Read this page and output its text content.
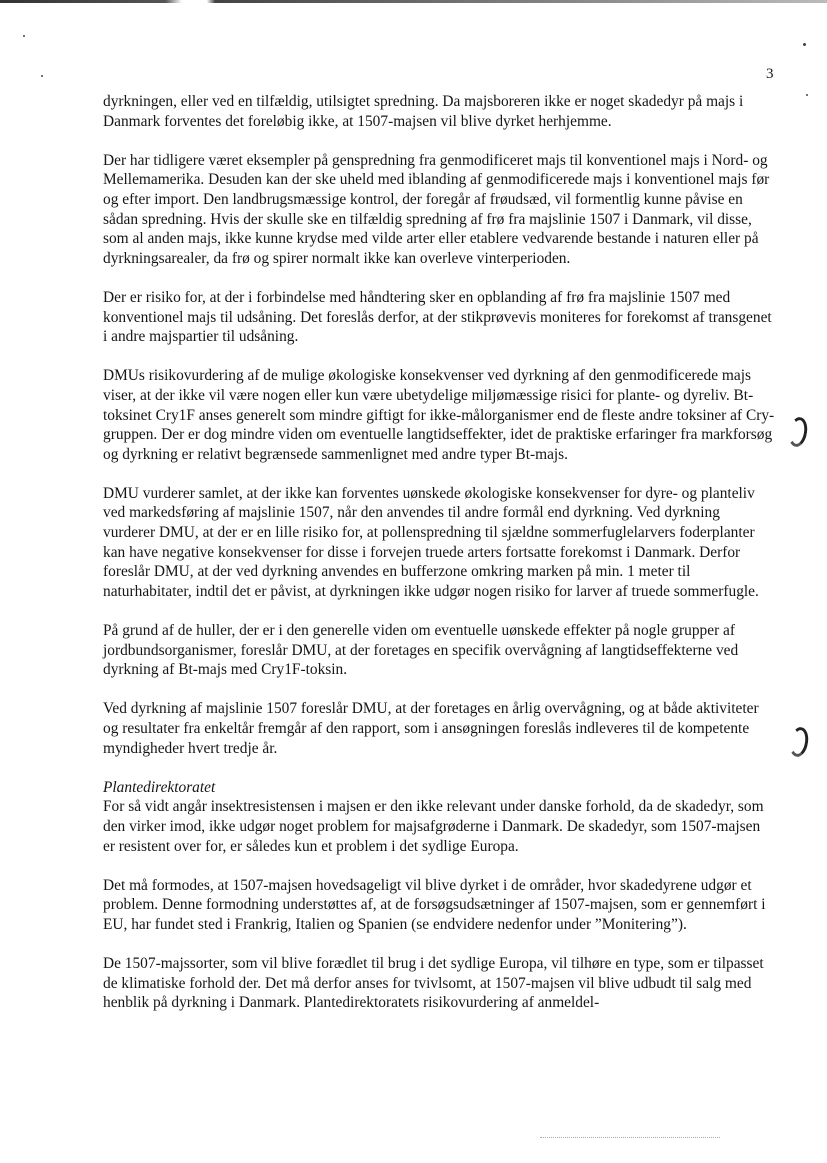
3

dyrkningen, eller ved en tilfældig, utilsigtet spredning. Da majsboreren ikke er noget skadedyr på majs i Danmark forventes det foreløbig ikke, at 1507-majsen vil blive dyrket herhjemme.

Der har tidligere været eksempler på genspredning fra genmodificeret majs til konventionel majs i Nord- og Mellemamerika. Desuden kan der ske uheld med iblanding af genmodificerede majs i konventionel majs før og efter import. Den landbrugsmæssige kontrol, der foregår af frøudsæd, vil formentlig kunne påvise en sådan spredning. Hvis der skulle ske en tilfældig spredning af frø fra majslinie 1507 i Danmark, vil disse, som al anden majs, ikke kunne krydse med vilde arter eller etablere vedvarende bestande i naturen eller på dyrkningsarealer, da frø og spirer normalt ikke kan overleve vinterperioden.

Der er risiko for, at der i forbindelse med håndtering sker en opblanding af frø fra majslinie 1507 med konventionel majs til udsåning. Det foreslås derfor, at der stikprøvevis moniteres for forekomst af transgenet i andre majspartier til udsåning.

DMUs risikovurdering af de mulige økologiske konsekvenser ved dyrkning af den genmodificerede majs viser, at der ikke vil være nogen eller kun være ubetydelige miljømæssige risici for plante- og dyreliv. Bt-toksinet Cry1F anses generelt som mindre giftigt for ikke-målorganismer end de fleste andre toksiner af Cry-gruppen. Der er dog mindre viden om eventuelle langtidseffekter, idet de praktiske erfaringer fra markforsøg og dyrkning er relativt begrænsede sammenlignet med andre typer Bt-majs.

DMU vurderer samlet, at der ikke kan forventes uønskede økologiske konsekvenser for dyre- og planteliv ved markedsføring af majslinie 1507, når den anvendes til andre formål end dyrkning. Ved dyrkning vurderer DMU, at der er en lille risiko for, at pollenspredning til sjældne sommerfuglelarvers foderplanter kan have negative konsekvenser for disse i forvejen truede arters fortsatte forekomst i Danmark. Derfor foreslår DMU, at der ved dyrkning anvendes en bufferzone omkring marken på min. 1 meter til naturhabitater, indtil det er påvist, at dyrkningen ikke udgør nogen risiko for larver af truede sommerfugle.

På grund af de huller, der er i den generelle viden om eventuelle uønskede effekter på nogle grupper af jordbundsorganismer, foreslår DMU, at der foretages en specifik overvågning af langtidseffekterne ved dyrkning af Bt-majs med Cry1F-toksin.

Ved dyrkning af majslinie 1507 foreslår DMU, at der foretages en årlig overvågning, og at både aktiviteter og resultater fra enkeltår fremgår af den rapport, som i ansøgningen foreslås indleveres til de kompetente myndigheder hvert tredje år.

Plantedirektoratet

For så vidt angår insektresistensen i majsen er den ikke relevant under danske forhold, da de skadedyr, som den virker imod, ikke udgør noget problem for majsafgrøderne i Danmark. De skadedyr, som 1507-majsen er resistent over for, er således kun et problem i det sydlige Europa.

Det må formodes, at 1507-majsen hovedsageligt vil blive dyrket i de områder, hvor skadedyrene udgør et problem. Denne formodning understøttes af, at de forsøgsudsætninger af 1507-majsen, som er gennemført i EU, har fundet sted i Frankrig, Italien og Spanien (se endvidere nedenfor under ”Monitering”).

De 1507-majssorter, som vil blive forædlet til brug i det sydlige Europa, vil tilhøre en type, som er tilpasset de klimatiske forhold der. Det må derfor anses for tvivlsomt, at 1507-majsen vil blive udbudt til salg med henblik på dyrkning i Danmark. Plantedirektoratets risikovurdering af anmeldel-
